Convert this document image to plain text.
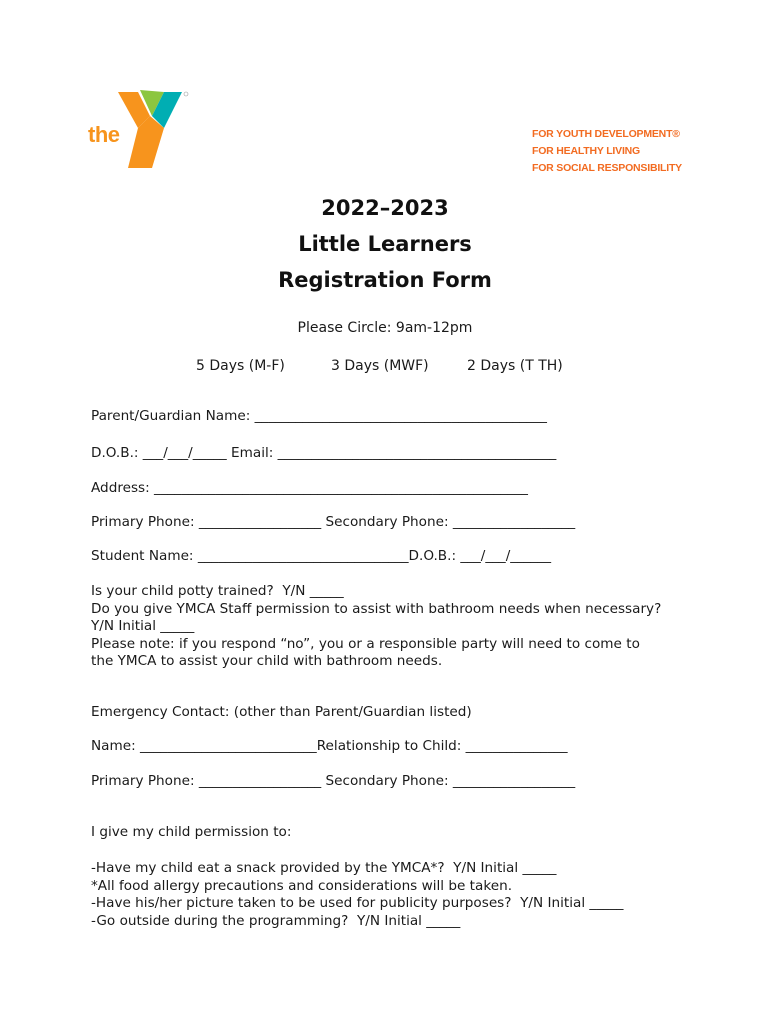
the	FOR YOUTH DEVELOPMENT®
FOR HEALTHY LIVING
FOR SOCIAL RESPONSIBILITY
2022–2023
Little Learners
Registration Form
Please Circle: 9am-12pm
5 Days (M-F)	3 Days (MWF)	2 Days (T TH)
Parent/Guardian Name: ___________________________________________
D.O.B.: ___/___/_____ Email: _________________________________________
Address: _______________________________________________________
Primary Phone: __________________ Secondary Phone: __________________
Student Name: _______________________________D.O.B.: ___/___/______
Is your child potty trained?  Y/N _____
Do you give YMCA Staff permission to assist with bathroom needs when necessary?
Y/N Initial _____
Please note: if you respond “no”, you or a responsible party will need to come to
the YMCA to assist your child with bathroom needs.
Emergency Contact: (other than Parent/Guardian listed)
Name: __________________________Relationship to Child: _______________
Primary Phone: __________________ Secondary Phone: __________________
I give my child permission to:
-Have my child eat a snack provided by the YMCA*?  Y/N Initial _____
*All food allergy precautions and considerations will be taken.
-Have his/her picture taken to be used for publicity purposes?  Y/N Initial _____
-Go outside during the programming?  Y/N Initial _____
